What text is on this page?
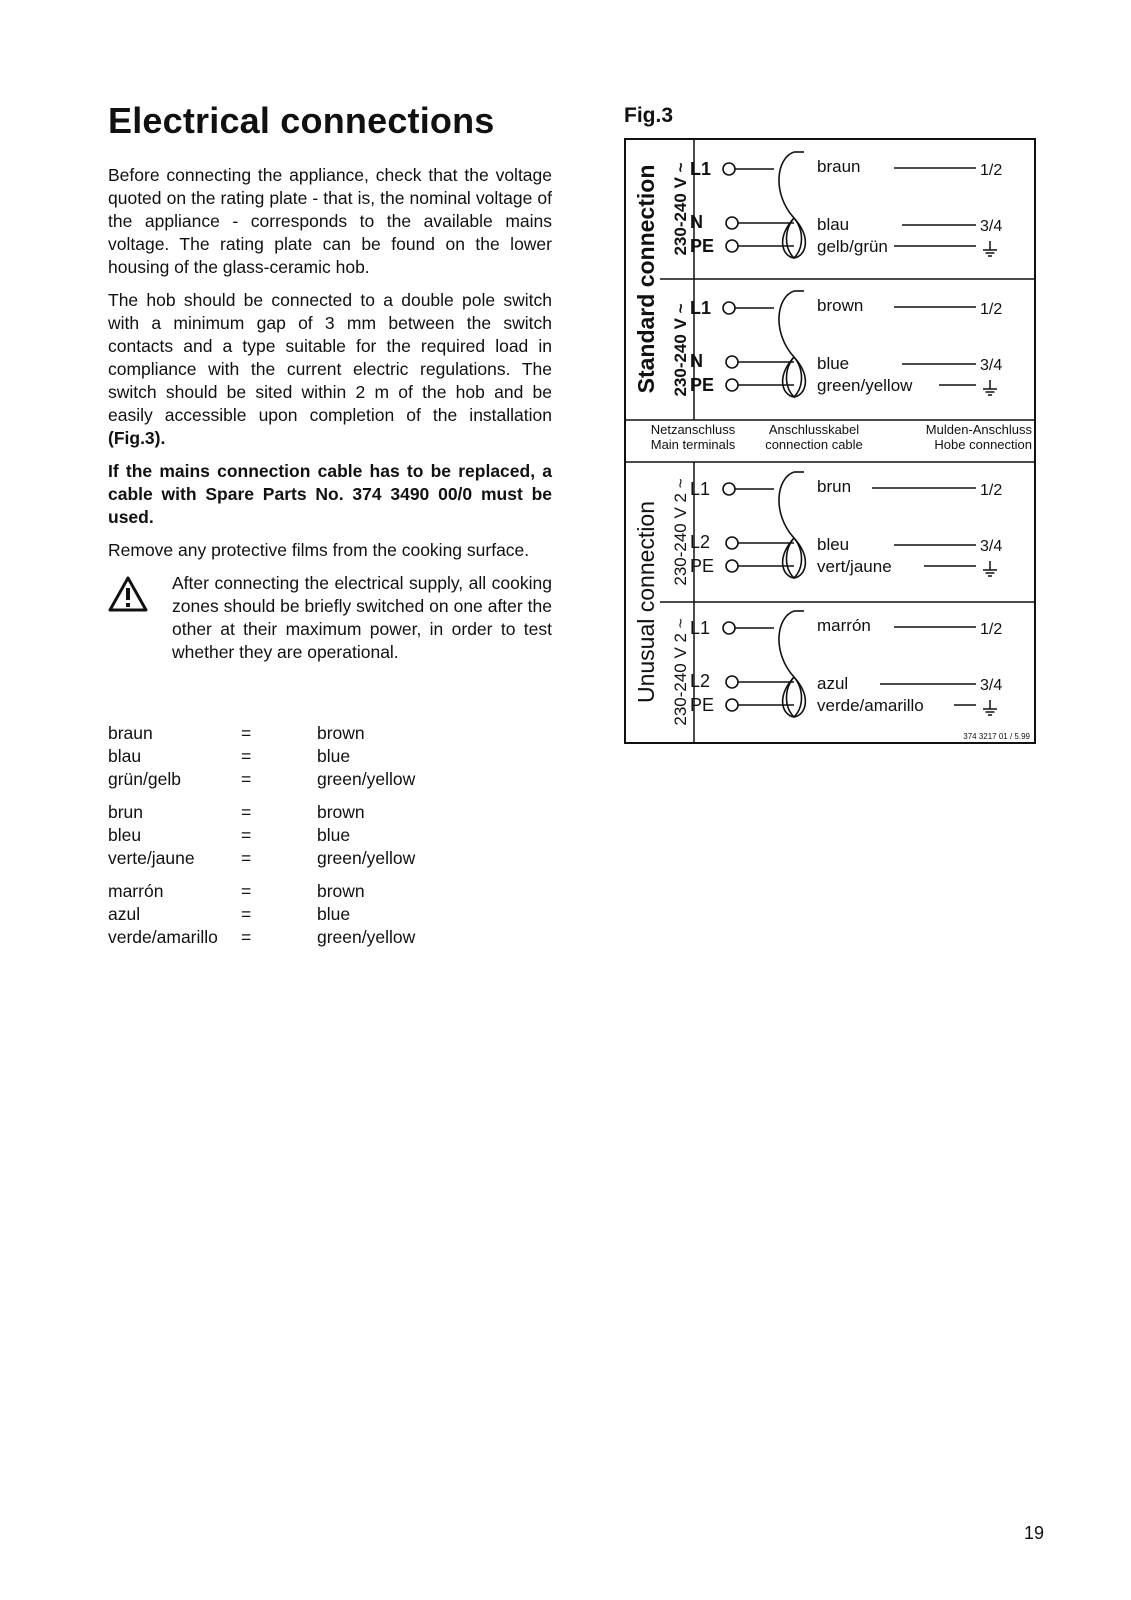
Electrical connections

Before connecting the appliance, check that the voltage quoted on the rating plate - that is, the nominal voltage of the appliance - corresponds to the available mains voltage. The rating plate can be found on the lower housing of the glass-ceramic hob.

The hob should be connected to a double pole switch with a minimum gap of 3 mm between the switch contacts and a type suitable for the required load in compliance with the current electric regulations. The switch should be sited within 2 m of the hob and be easily accessible upon completion of the installation (Fig.3).

If the mains connection cable has to be replaced, a cable with Spare Parts No. 374 3490 00/0 must be used.

Remove any protective films from the cooking surface.

After connecting the electrical supply, all cooking zones should be briefly switched on one after the other at their maximum power, in order to test whether they are operational.

braun	=	brown
blau	=	blue
grün/gelb	=	green/yellow

brun	=	brown
bleu	=	blue
verte/jaune	=	green/yellow

marrón	=	brown
azul	=	blue
verde/amarillo	=	green/yellow
Fig.3
Standard connection
Unusual connection
230-240 V ~
230-240 V ~
230-240 V 2 ~
230-240 V 2 ~
Netzanschluss
Main terminals
Anschlusskabel
connection cable
Mulden-Anschluss
Hobe connection
L1
N
PE
braun
blau
gelb/grün
1/2
3/4
L1
N
PE
brown
blue
green/yellow
1/2
3/4
L1
L2
PE
brun
bleu
vert/jaune
1/2
3/4
L1
L2
PE
marrón
azul
verde/amarillo
1/2
3/4
374 3217 01 / 5.99
19
